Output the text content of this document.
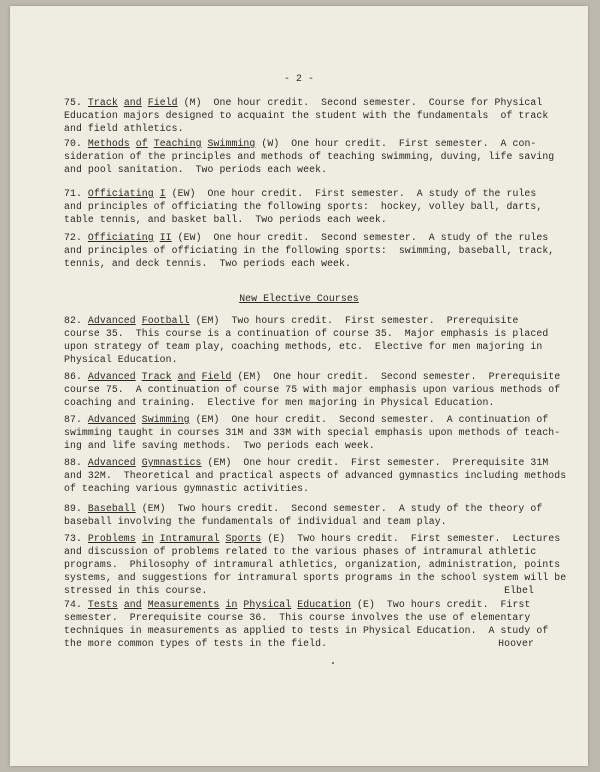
- 2 -
75. Track and Field (M)  One hour credit.  Second semester.  Course for Physical
Education majors designed to acquaint the student with the fundamentals  of track
and field athletics.
70. Methods of Teaching Swimming (W)  One hour credit.  First semester.  A con-
sideration of the principles and methods of teaching swimming, duving, life saving
and pool sanitation.  Two periods each week.
71. Officiating I (EW)  One hour credit.  First semester.  A study of the rules
and principles of officiating the following sports:  hockey, volley ball, darts,
table tennis, and basket ball.  Two periods each week.
72. Officiating II (EW)  One hour credit.  Second semester.  A study of the rules
and principles of officiating in the following sports:  swimming, baseball, track,
tennis, and deck tennis.  Two periods each week.
New Elective Courses
82. Advanced Football (EM)  Two hours credit.  First semester.  Prerequisite
course 35.  This course is a continuation of course 35.  Major emphasis is placed
upon strategy of team play, coaching methods, etc.  Elective for men majoring in
Physical Education.
86. Advanced Track and Field (EM)  One hour credit.  Second semester.  Prerequisite
course 75.  A continuation of course 75 with major emphasis upon various methods of
coaching and training.  Elective for men majoring in Physical Education.
87. Advanced Swimming (EM)  One hour credit.  Second semester.  A continuation of
swimming taught in courses 31M and 33M with special emphasis upon methods of teach-
ing and life saving methods.  Two periods each week.
88. Advanced Gymnastics (EM)  One hour credit.  First semester.  Prerequisite 31M
and 32M.  Theoretical and practical aspects of advanced gymnastics including methods
of teaching various gymnastic activities.
89. Baseball (EM)  Two hours credit.  Second semester.  A study of the theory of
baseball involving the fundamentals of individual and team play.
73. Problems in Intramural Sports (E)  Two hours credit.  First semester.  Lectures
and discussion of problems related to the various phases of intramural athletic
programs.  Philosophy of intramural athletics, organization, administration, points
systems, and suggestions for intramural sports programs in the school system will be
stressed in this course.	Elbel
74. Tests and Measurements in Physical Education (E)  Two hours credit.  First
semester.  Prerequisite course 36.  This course involves the use of elementary
techniques in measurements as applied to tests in Physical Education.  A study of
the more common types of tests in the field.	Hoover
